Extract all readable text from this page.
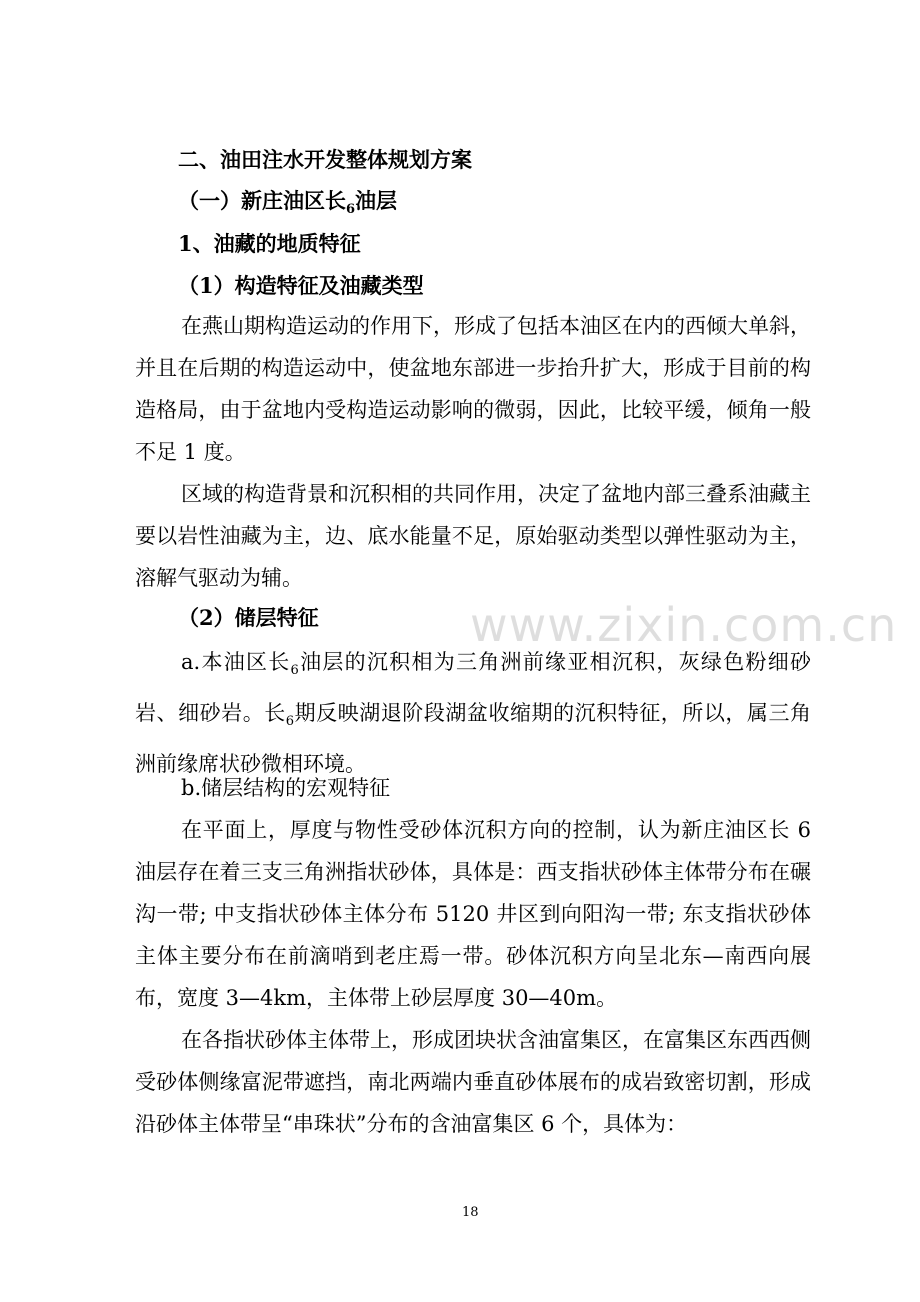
二、油田注水开发整体规划方案
（一）新庄油区长$_6$油层
1、油藏的地质特征
（1）构造特征及油藏类型

在燕山期构造运动的作用下，形成了包括本油区在内的西倾大单斜，并且在后期的构造运动中，使盆地东部进一步抬升扩大，形成于目前的构造格局，由于盆地内受构造运动影响的微弱，因此，比较平缓，倾角一般不足 1 度。

区域的构造背景和沉积相的共同作用，决定了盆地内部三叠系油藏主要以岩性油藏为主，边、底水能量不足，原始驱动类型以弹性驱动为主，溶解气驱动为辅。

（2）储层特征

a.本油区长$_6$油层的沉积相为三角洲前缘亚相沉积，灰绿色粉细砂岩、细砂岩。长$_6$期反映湖退阶段湖盆收缩期的沉积特征，所以，属三角洲前缘席状砂微相环境。

b.储层结构的宏观特征

在平面上，厚度与物性受砂体沉积方向的控制，认为新庄油区长 6 油层存在着三支三角洲指状砂体，具体是：西支指状砂体主体带分布在碾沟一带; 中支指状砂体主体分布 5120 井区到向阳沟一带; 东支指状砂体主体主要分布在前滴哨到老庄焉一带。砂体沉积方向呈北东—南西向展布，宽度 3—4km，主体带上砂层厚度 30—40m。

在各指状砂体主体带上，形成团块状含油富集区，在富集区东西西侧受砂体侧缘富泥带遮挡，南北两端内垂直砂体展布的成岩致密切割，形成沿砂体主体带呈“串珠状”分布的含油富集区 6 个，具体为：

www.zixin.com.cn
18
